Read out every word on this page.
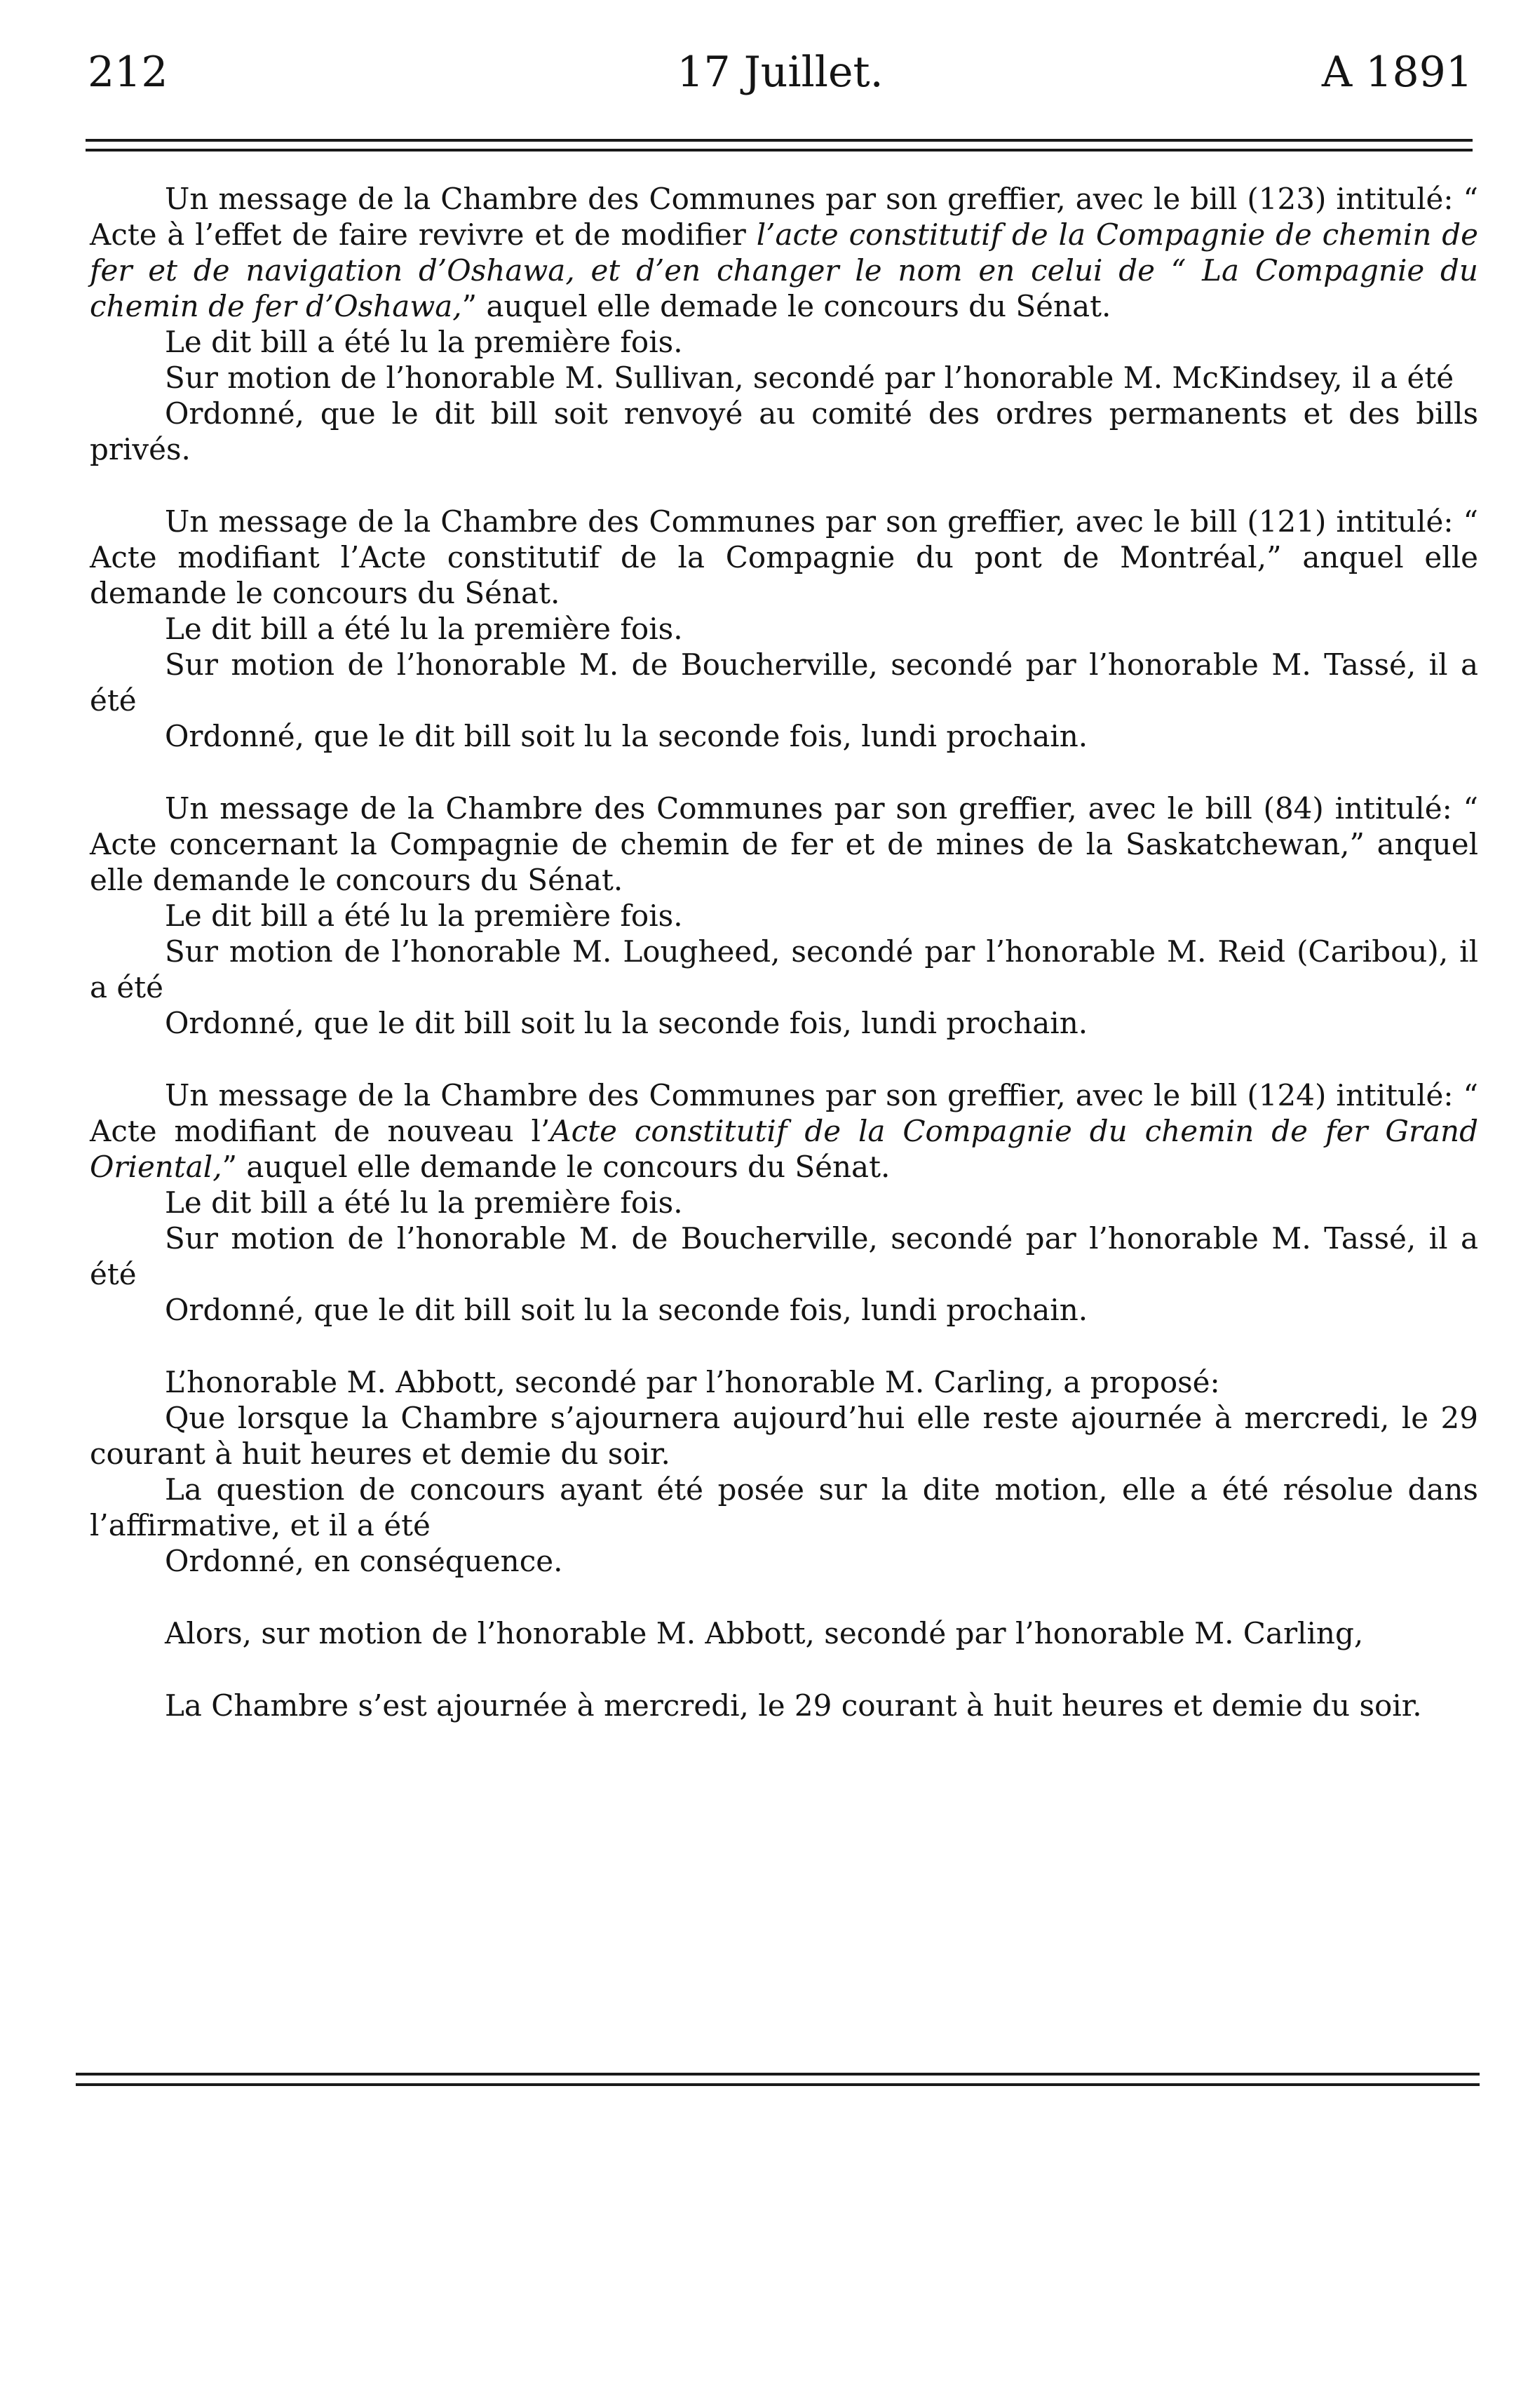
212	17 Juillet.	A 1891

Un message de la Chambre des Communes par son greffier, avec le bill (123) intitulé: “ Acte à l’effet de faire revivre et de modifier l’acte constitutif de la Compagnie de chemin de fer et de navigation d’Oshawa, et d’en changer le nom en celui de “ La Compagnie du chemin de fer d’Oshawa,” auquel elle demade le concours du Sénat.

Le dit bill a été lu la première fois.

Sur motion de l’honorable M. Sullivan, secondé par l’honorable M. McKindsey, il a été

Ordonné, que le dit bill soit renvoyé au comité des ordres permanents et des bills privés.

Un message de la Chambre des Communes par son greffier, avec le bill (121) intitulé: “ Acte modifiant l’Acte constitutif de la Compagnie du pont de Montréal,” anquel elle demande le concours du Sénat.

Le dit bill a été lu la première fois.

Sur motion de l’honorable M. de Boucherville, secondé par l’honorable M. Tassé, il a été

Ordonné, que le dit bill soit lu la seconde fois, lundi prochain.

Un message de la Chambre des Communes par son greffier, avec le bill (84) intitulé: “ Acte concernant la Compagnie de chemin de fer et de mines de la Saskatchewan,” anquel elle demande le concours du Sénat.

Le dit bill a été lu la première fois.

Sur motion de l’honorable M. Lougheed, secondé par l’honorable M. Reid (Caribou), il a été

Ordonné, que le dit bill soit lu la seconde fois, lundi prochain.

Un message de la Chambre des Communes par son greffier, avec le bill (124) intitulé: “ Acte modifiant de nouveau l’Acte constitutif de la Compagnie du chemin de fer Grand Oriental,” auquel elle demande le concours du Sénat.

Le dit bill a été lu la première fois.

Sur motion de l’honorable M. de Boucherville, secondé par l’honorable M. Tassé, il a été

Ordonné, que le dit bill soit lu la seconde fois, lundi prochain.

L’honorable M. Abbott, secondé par l’honorable M. Carling, a proposé:

Que lorsque la Chambre s’ajournera aujourd’hui elle reste ajournée à mercredi, le 29 courant à huit heures et demie du soir.

La question de concours ayant été posée sur la dite motion, elle a été résolue dans l’affirmative, et il a été

Ordonné, en conséquence.

Alors, sur motion de l’honorable M. Abbott, secondé par l’honorable M. Carling,

La Chambre s’est ajournée à mercredi, le 29 courant à huit heures et demie du soir.
